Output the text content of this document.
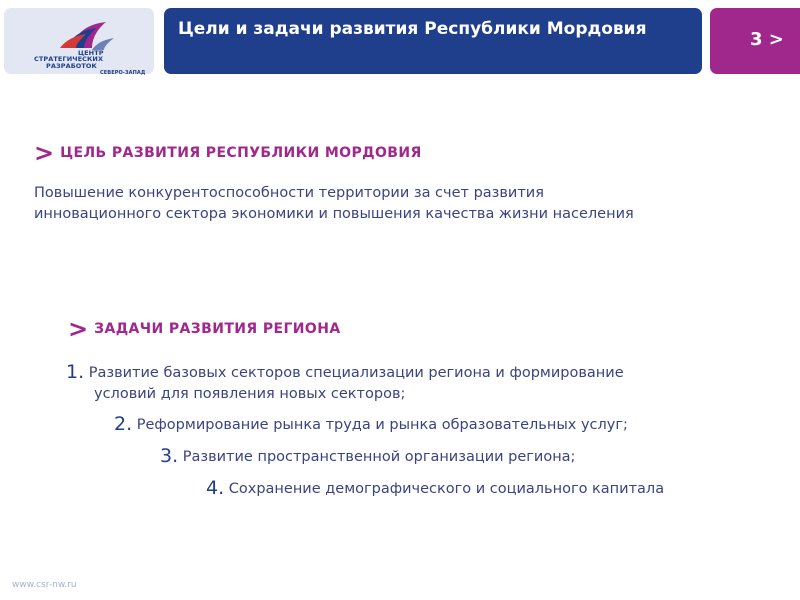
ЦЕНТР
СТРАТЕГИЧЕСКИХ
РАЗРАБОТОК
СЕВЕРО-ЗАПАД
Цели и задачи развития Республики Мордовия	3 >
> ЦЕЛЬ РАЗВИТИЯ РЕСПУБЛИКИ МОРДОВИЯ
Повышение конкурентоспособности территории за счет развития инновационного сектора экономики и повышения качества жизни населения
> ЗАДАЧИ РАЗВИТИЯ РЕГИОНА
1. Развитие базовых секторов специализации региона и формирование
условий для появления новых секторов;
2. Реформирование рынка труда и рынка образовательных услуг;
3. Развитие пространственной организации региона;
4. Сохранение демографического и социального капитала
www.csr-nw.ru
